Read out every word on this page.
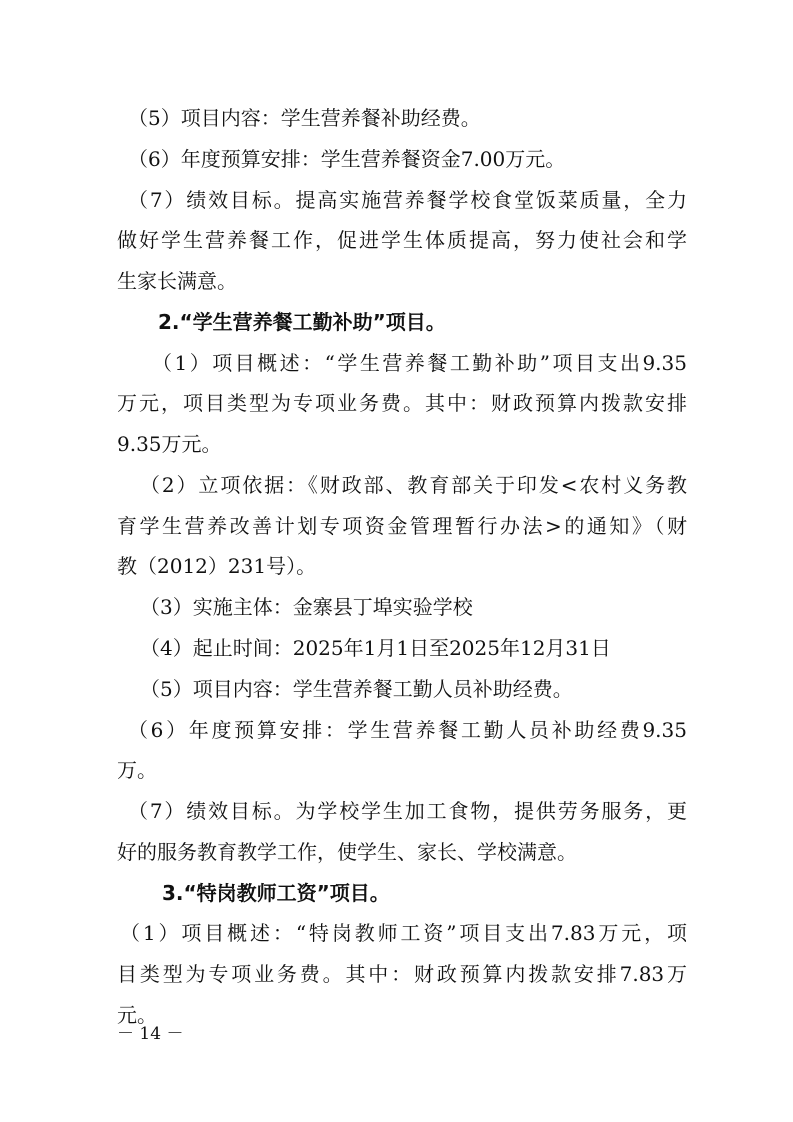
（5）项目内容：学生营养餐补助经费。
（6）年度预算安排：学生营养餐资金7.00万元。
（7）绩效目标。提高实施营养餐学校食堂饭菜质量，全力
做好学生营养餐工作，促进学生体质提高，努力使社会和学
生家长满意。
2.“学生营养餐工勤补助”项目。
（1）项目概述：“学生营养餐工勤补助”项目支出9.35
万元，项目类型为专项业务费。其中：财政预算内拨款安排
9.35万元。
（2）立项依据：《财政部、教育部关于印发<农村义务教
育学生营养改善计划专项资金管理暂行办法>的通知》（财
教（2012）231号）。
（3）实施主体：金寨县丁埠实验学校
（4）起止时间：2025年1月1日至2025年12月31日
（5）项目内容：学生营养餐工勤人员补助经费。
（6）年度预算安排：学生营养餐工勤人员补助经费9.35
万。
（7）绩效目标。为学校学生加工食物，提供劳务服务，更
好的服务教育教学工作，使学生、家长、学校满意。
3.“特岗教师工资”项目。
（1）项目概述：“特岗教师工资”项目支出7.83万元，项
目类型为专项业务费。其中：财政预算内拨款安排7.83万
元。
－ 14 －
